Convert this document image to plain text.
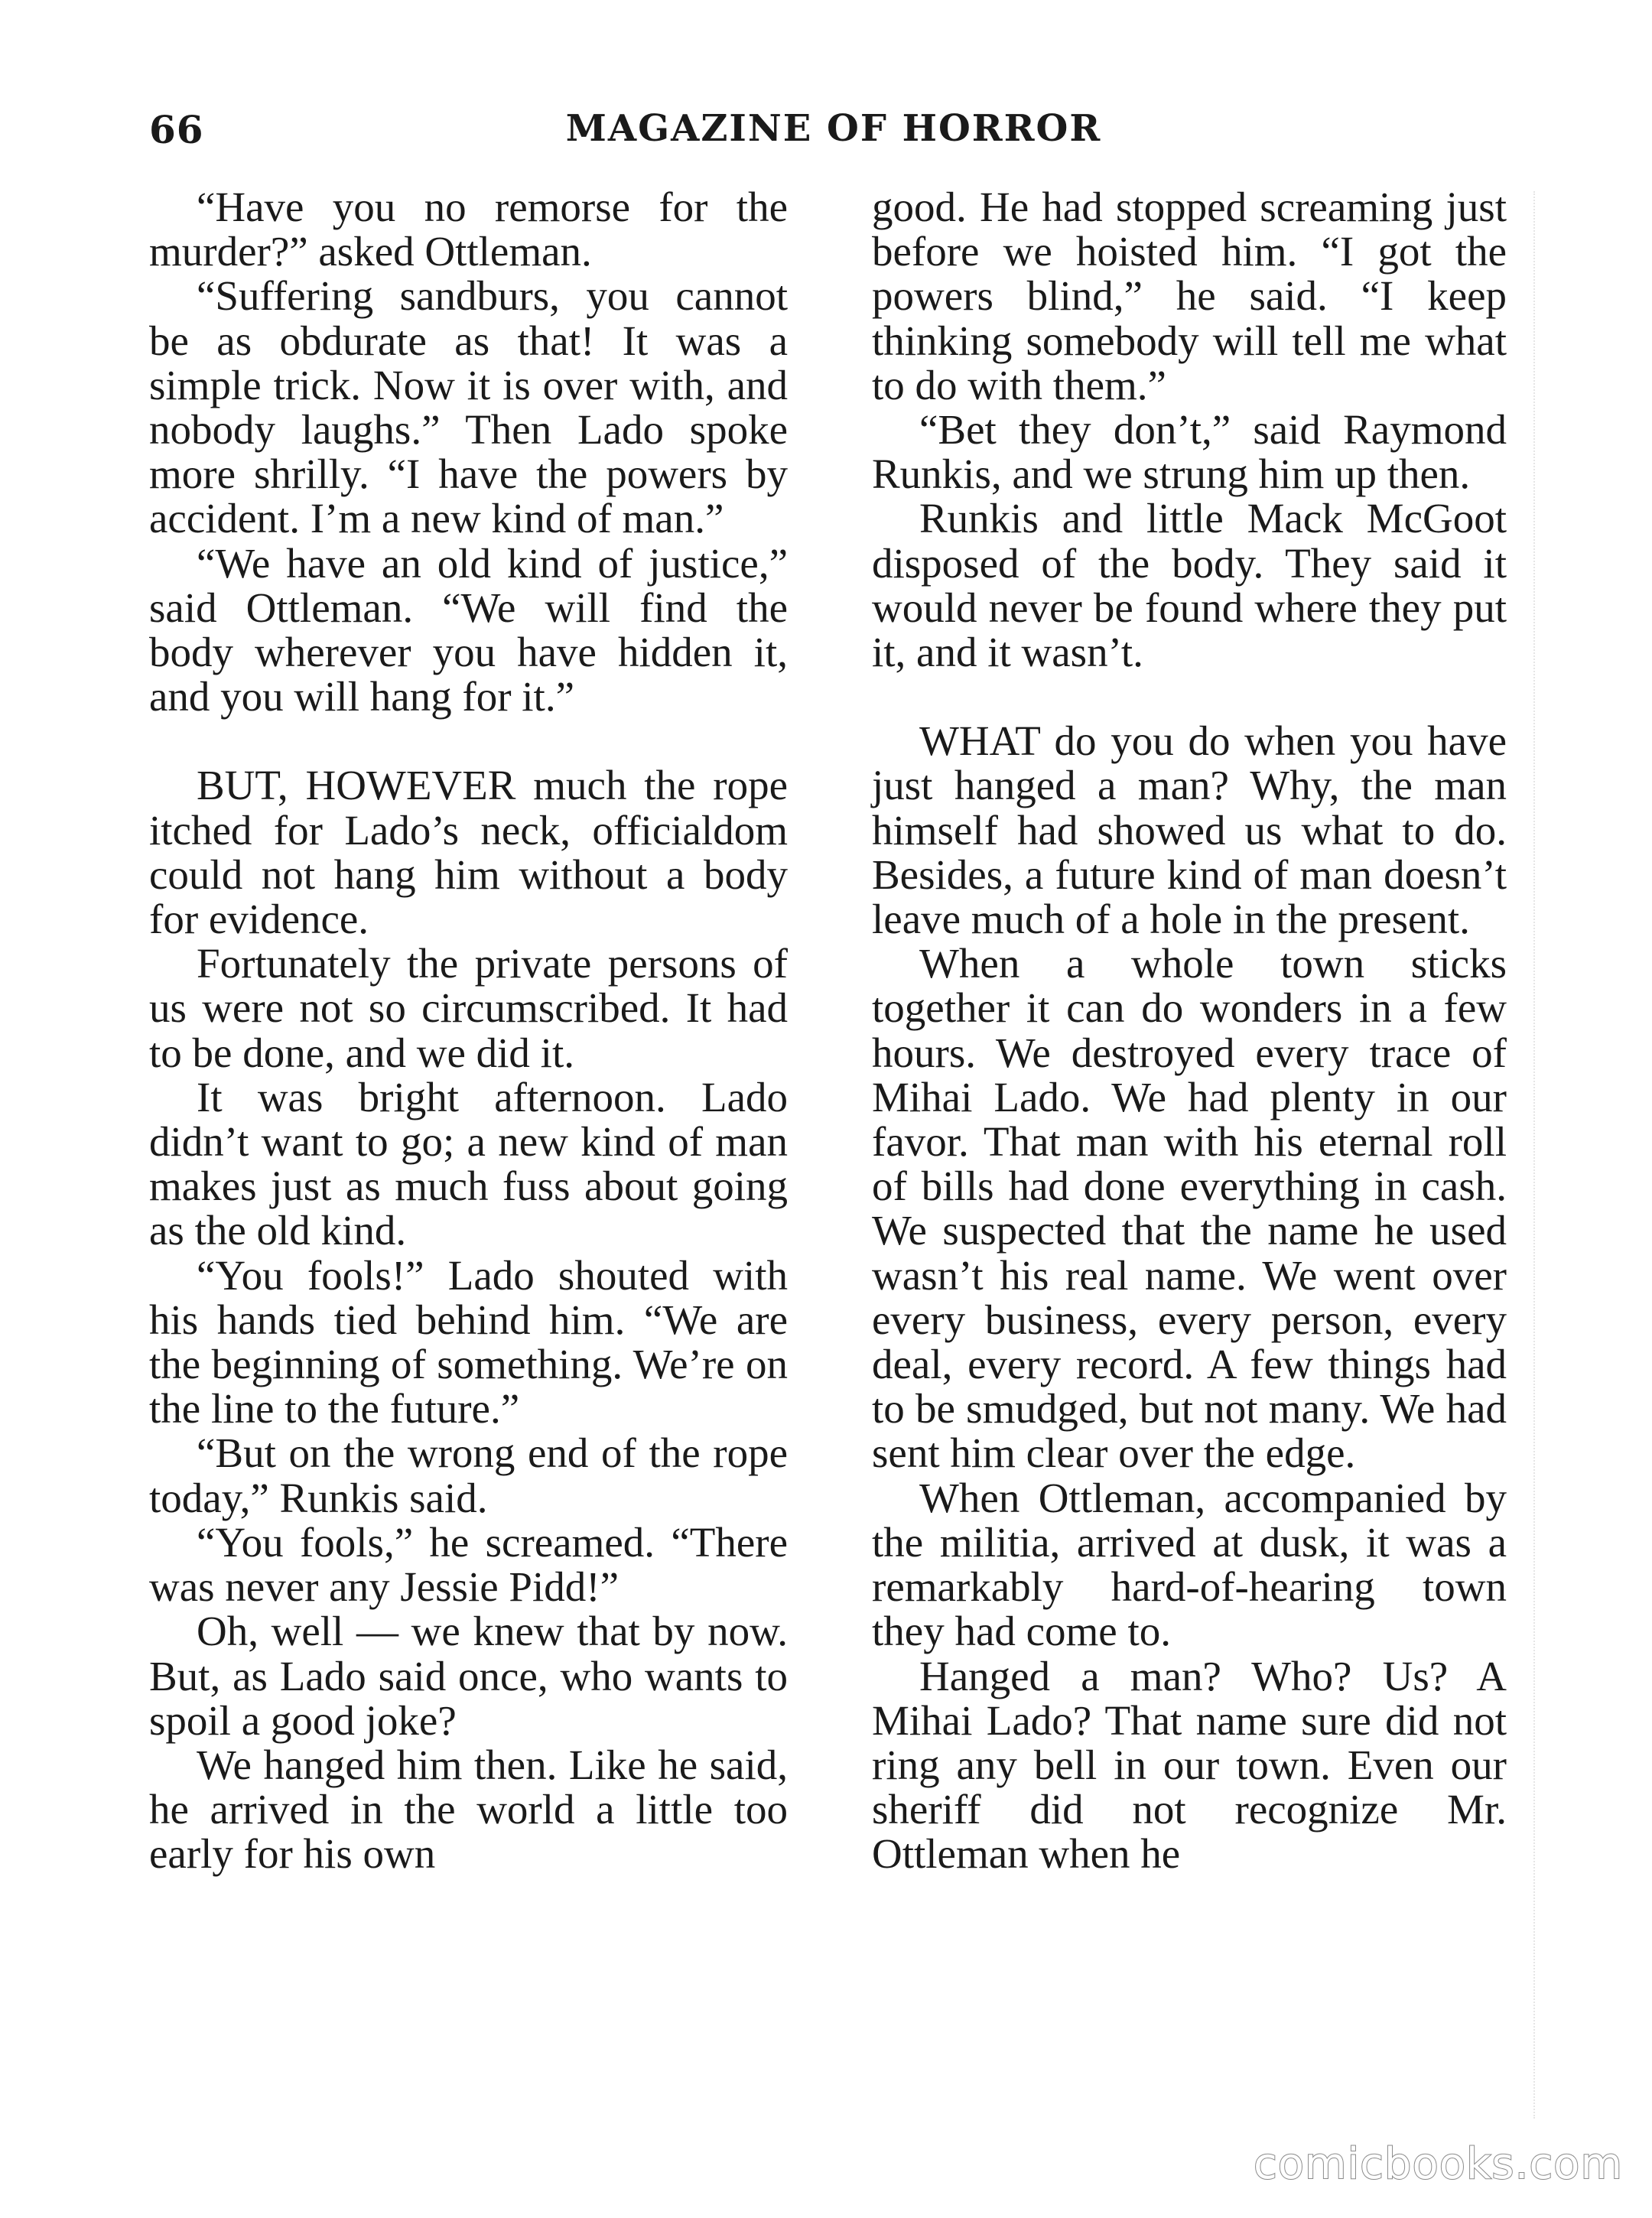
66	MAGAZINE OF HORROR

“Have you no remorse for the murder?” asked Ottleman.

“Suffering sandburs, you cannot be as obdurate as that! It was a simple trick. Now it is over with, and nobody laughs.” Then Lado spoke more shrilly. “I have the powers by accident. I’m a new kind of man.”

“We have an old kind of justice,” said Ottleman. “We will find the body wherever you have hidden it, and you will hang for it.”

BUT, HOWEVER much the rope itched for Lado’s neck, officialdom could not hang him without a body for evidence.

Fortunately the private persons of us were not so circumscribed. It had to be done, and we did it.

It was bright afternoon. Lado didn’t want to go; a new kind of man makes just as much fuss about going as the old kind.

“You fools!” Lado shouted with his hands tied behind him. “We are the beginning of something. We’re on the line to the future.”

“But on the wrong end of the rope today,” Runkis said.

“You fools,” he screamed. “There was never any Jessie Pidd!”

Oh, well — we knew that by now. But, as Lado said once, who wants to spoil a good joke?

We hanged him then. Like he said, he arrived in the world a little too early for his own

good. He had stopped screaming just before we hoisted him. “I got the powers blind,” he said. “I keep thinking somebody will tell me what to do with them.”

“Bet they don’t,” said Raymond Runkis, and we strung him up then.

Runkis and little Mack McGoot disposed of the body. They said it would never be found where they put it, and it wasn’t.

WHAT do you do when you have just hanged a man? Why, the man himself had showed us what to do. Besides, a future kind of man doesn’t leave much of a hole in the present.

When a whole town sticks together it can do wonders in a few hours. We destroyed every trace of Mihai Lado. We had plenty in our favor. That man with his eternal roll of bills had done everything in cash. We suspected that the name he used wasn’t his real name. We went over every business, every person, every deal, every record. A few things had to be smudged, but not many. We had sent him clear over the edge.

When Ottleman, accompanied by the militia, arrived at dusk, it was a remarkably hard-of-hearing town they had come to.

Hanged a man? Who? Us? A Mihai Lado? That name sure did not ring any bell in our town. Even our sheriff did not recognize Mr. Ottleman when he

comicbooks.com
